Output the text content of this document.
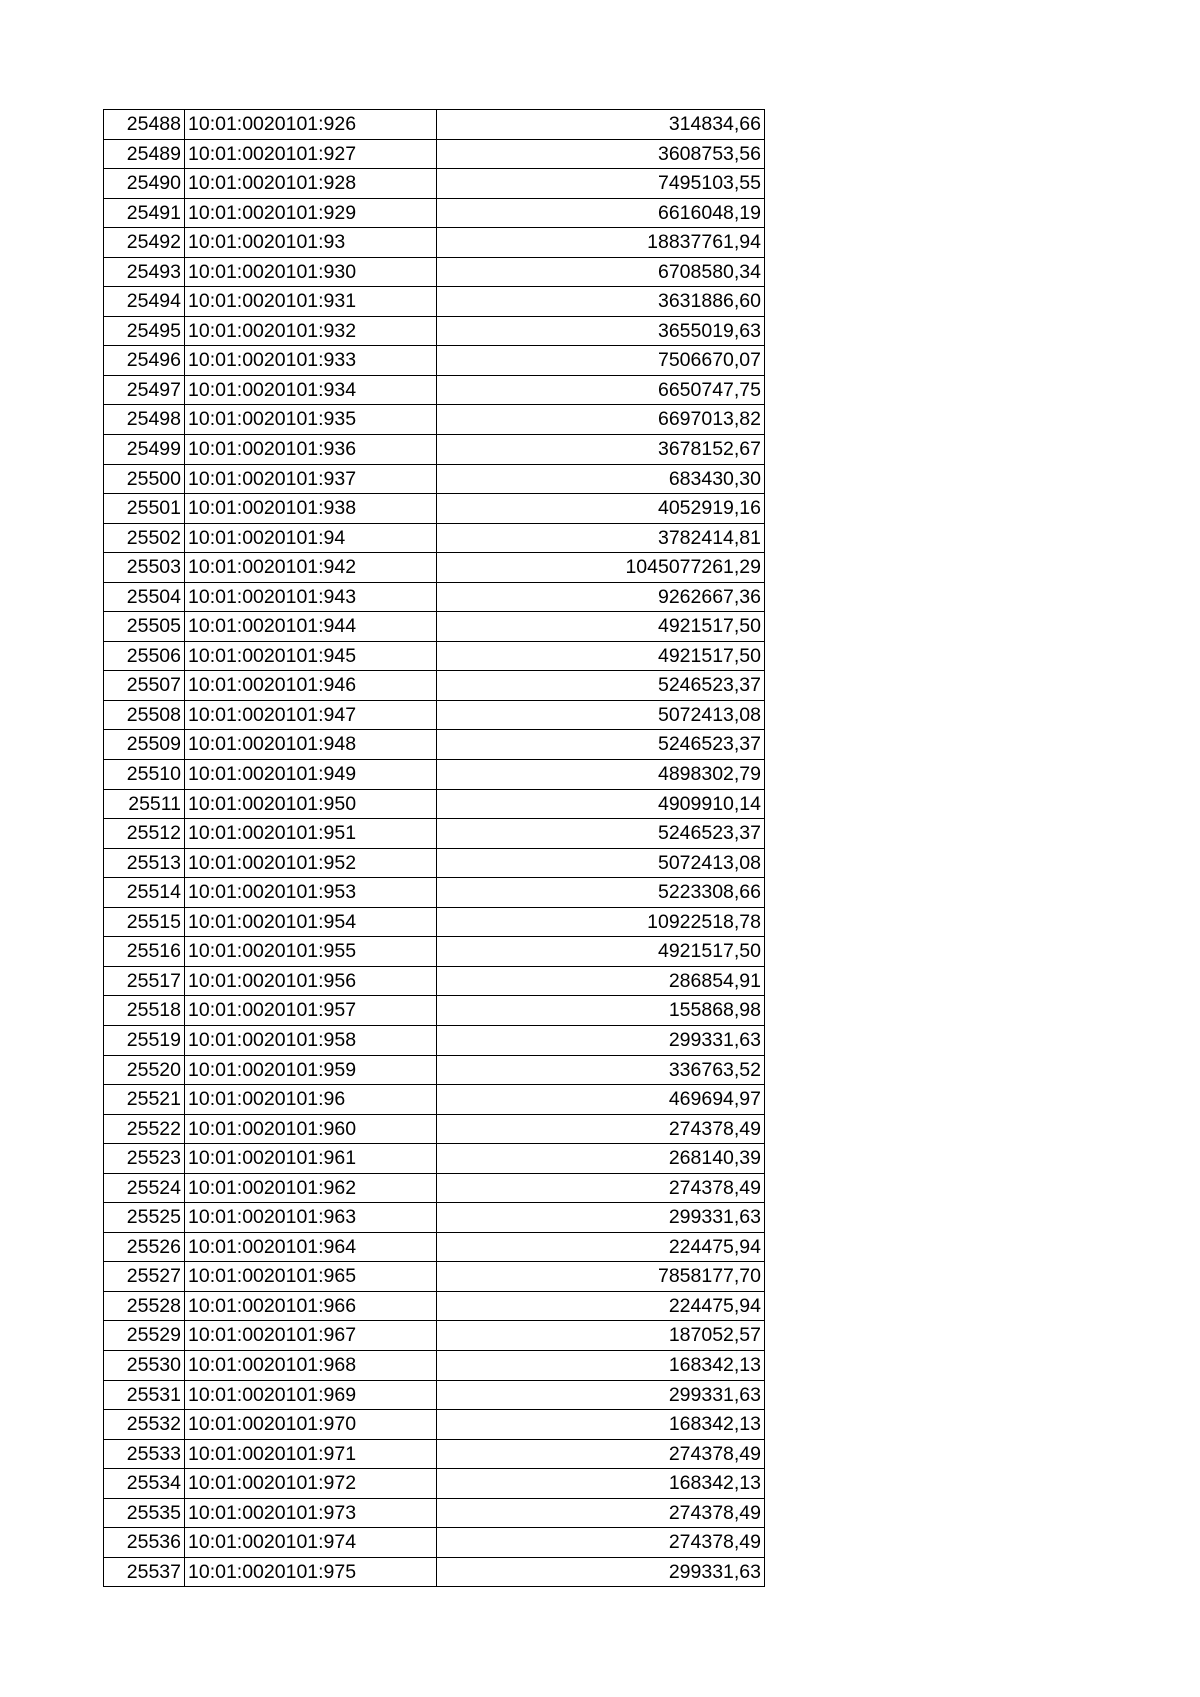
25488	10:01:0020101:926	314834,66
25489	10:01:0020101:927	3608753,56
25490	10:01:0020101:928	7495103,55
25491	10:01:0020101:929	6616048,19
25492	10:01:0020101:93	18837761,94
25493	10:01:0020101:930	6708580,34
25494	10:01:0020101:931	3631886,60
25495	10:01:0020101:932	3655019,63
25496	10:01:0020101:933	7506670,07
25497	10:01:0020101:934	6650747,75
25498	10:01:0020101:935	6697013,82
25499	10:01:0020101:936	3678152,67
25500	10:01:0020101:937	683430,30
25501	10:01:0020101:938	4052919,16
25502	10:01:0020101:94	3782414,81
25503	10:01:0020101:942	1045077261,29
25504	10:01:0020101:943	9262667,36
25505	10:01:0020101:944	4921517,50
25506	10:01:0020101:945	4921517,50
25507	10:01:0020101:946	5246523,37
25508	10:01:0020101:947	5072413,08
25509	10:01:0020101:948	5246523,37
25510	10:01:0020101:949	4898302,79
25511	10:01:0020101:950	4909910,14
25512	10:01:0020101:951	5246523,37
25513	10:01:0020101:952	5072413,08
25514	10:01:0020101:953	5223308,66
25515	10:01:0020101:954	10922518,78
25516	10:01:0020101:955	4921517,50
25517	10:01:0020101:956	286854,91
25518	10:01:0020101:957	155868,98
25519	10:01:0020101:958	299331,63
25520	10:01:0020101:959	336763,52
25521	10:01:0020101:96	469694,97
25522	10:01:0020101:960	274378,49
25523	10:01:0020101:961	268140,39
25524	10:01:0020101:962	274378,49
25525	10:01:0020101:963	299331,63
25526	10:01:0020101:964	224475,94
25527	10:01:0020101:965	7858177,70
25528	10:01:0020101:966	224475,94
25529	10:01:0020101:967	187052,57
25530	10:01:0020101:968	168342,13
25531	10:01:0020101:969	299331,63
25532	10:01:0020101:970	168342,13
25533	10:01:0020101:971	274378,49
25534	10:01:0020101:972	168342,13
25535	10:01:0020101:973	274378,49
25536	10:01:0020101:974	274378,49
25537	10:01:0020101:975	299331,63
